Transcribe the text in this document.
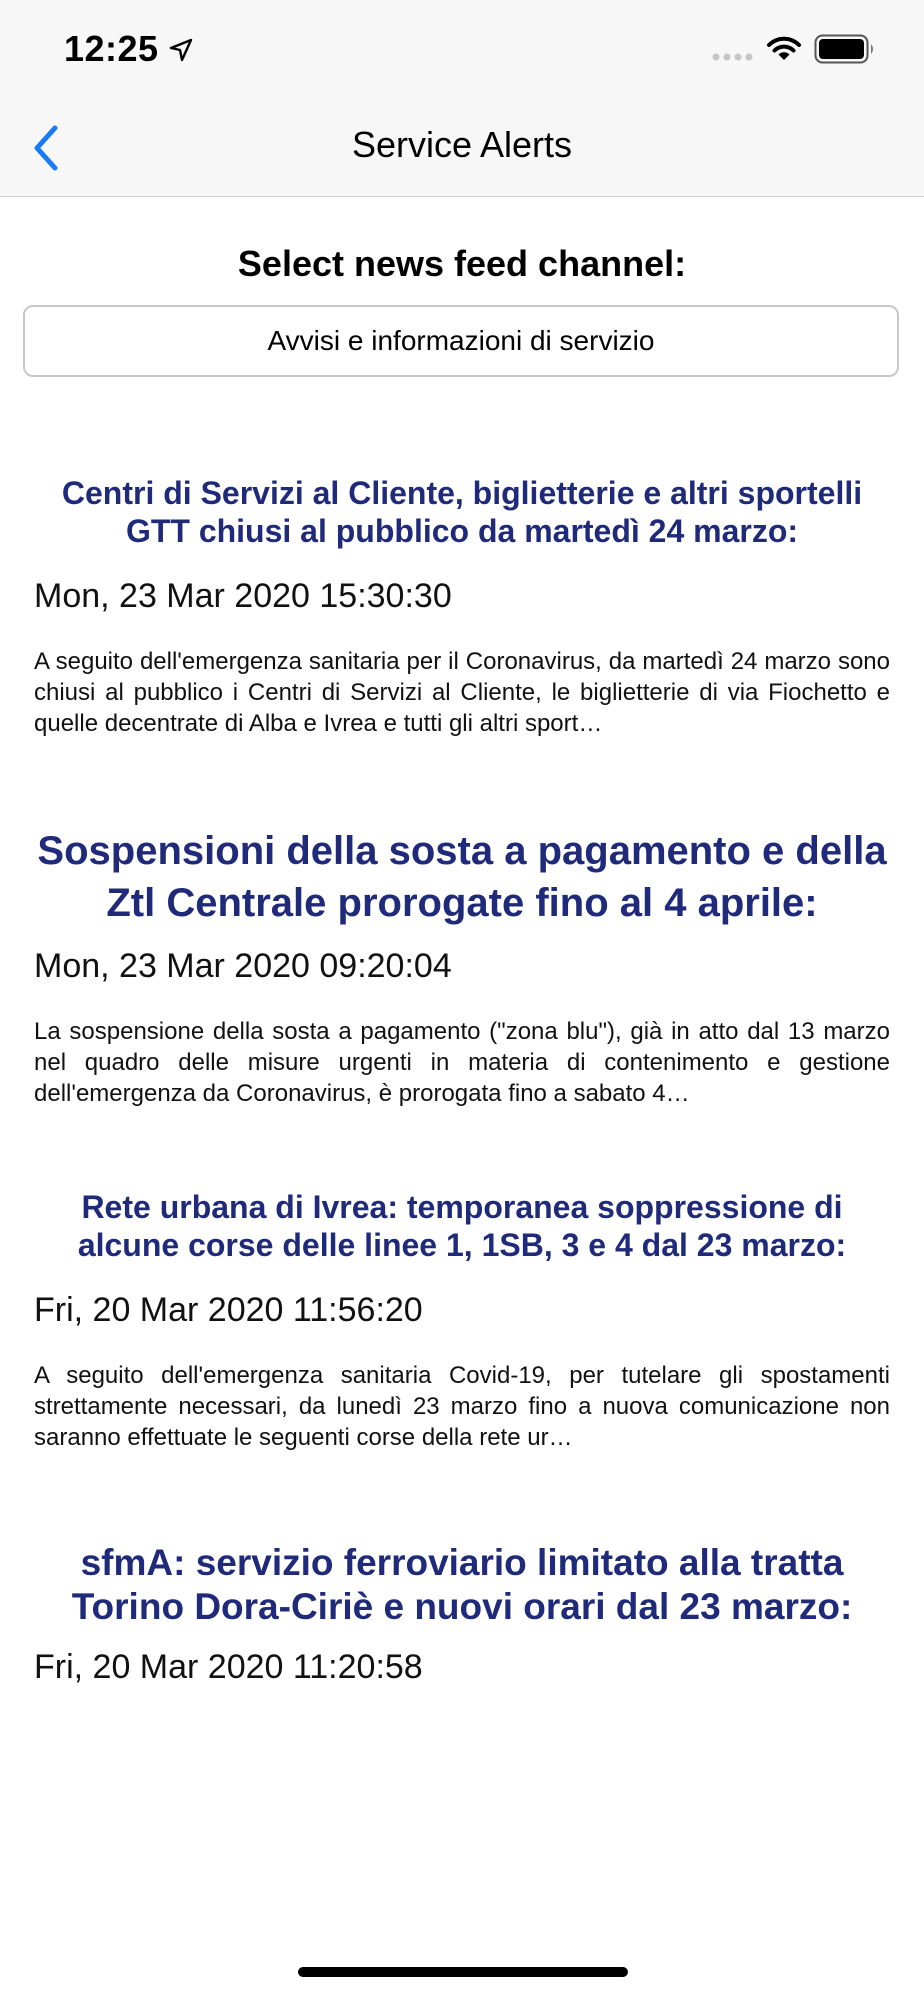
12:25
Service Alerts
Select news feed channel:
Avvisi e informazioni di servizio
Centri di Servizi al Cliente, biglietterie e altri sportelli GTT chiusi al pubblico da martedì 24 marzo:
Mon, 23 Mar 2020 15:30:30
A seguito dell'emergenza sanitaria per il Coronavirus, da martedì 24 marzo sono chiusi al pubblico i Centri di Servizi al Cliente, le biglietterie di via Fiochetto e quelle decentrate di Alba e Ivrea e tutti gli altri sport…
Sospensioni della sosta a pagamento e della Ztl Centrale prorogate fino al 4 aprile:
Mon, 23 Mar 2020 09:20:04
La sospensione della sosta a pagamento ("zona blu"), già in atto dal 13 marzo nel quadro delle misure urgenti in materia di contenimento e gestione dell'emergenza da Coronavirus, è prorogata fino a sabato 4…
Rete urbana di Ivrea: temporanea soppressione di alcune corse delle linee 1, 1SB, 3 e 4 dal 23 marzo:
Fri, 20 Mar 2020 11:56:20
A seguito dell'emergenza sanitaria Covid-19, per tutelare gli spostamenti strettamente necessari, da lunedì 23 marzo fino a nuova comunicazione non saranno effettuate le seguenti corse della rete ur…
sfmA: servizio ferroviario limitato alla tratta Torino Dora-Ciriè e nuovi orari dal 23 marzo:
Fri, 20 Mar 2020 11:20:58
